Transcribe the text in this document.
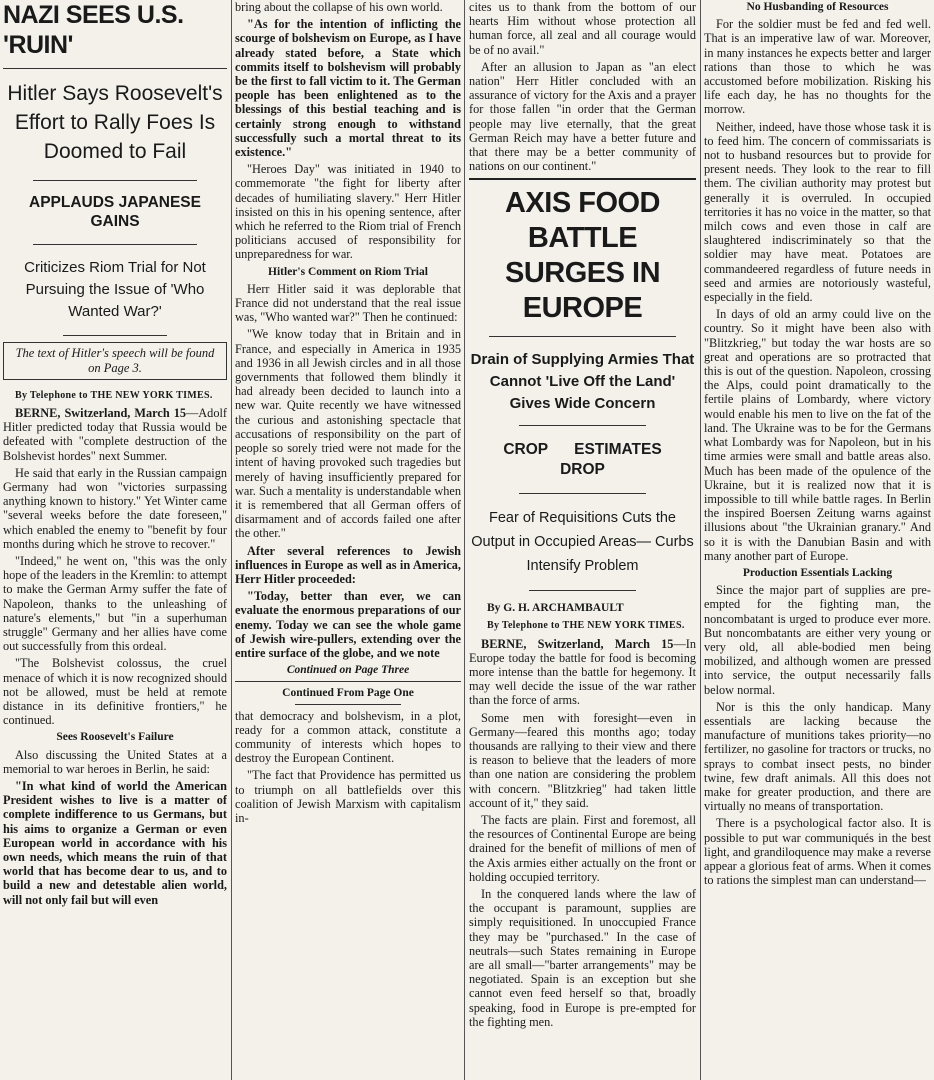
NAZI SEES U.S. 'RUIN'
Hitler Says Roosevelt's Effort to Rally Foes Is Doomed to Fail
APPLAUDS JAPANESE GAINS
Criticizes Riom Trial for Not Pursuing the Issue of 'Who Wanted War?'
The text of Hitler's speech will be found on Page 3.

By Telephone to THE NEW YORK TIMES.

BERNE, Switzerland, March 15—Adolf Hitler predicted today that Russia would be defeated with "complete destruction of the Bolshevist hordes" next Summer.

He said that early in the Russian campaign Germany had won "victories surpassing anything known to history." Yet Winter came "several weeks before the date foreseen," which enabled the enemy to "benefit by four months during which he strove to recover."

"Indeed," he went on, "this was the only hope of the leaders in the Kremlin: to attempt to make the German Army suffer the fate of Napoleon, thanks to the unleashing of nature's elements," but "in a superhuman struggle" Germany and her allies have come out successfully from this ordeal.

"The Bolshevist colossus, the cruel menace of which it is now recognized should not be allowed, must be held at remote distance in its definitive frontiers," he continued.

Sees Roosevelt's Failure

Also discussing the United States at a memorial to war heroes in Berlin, he said:

"In what kind of world the American President wishes to live is a matter of complete indifference to us Germans, but his aims to organize a German or even European world in accordance with his own needs, which means the ruin of that world that has become dear to us, and to build a new and detestable alien world, will not only fail but will even

bring about the collapse of his own world.

"As for the intention of inflicting the scourge of bolshevism on Europe, as I have already stated before, a State which commits itself to bolshevism will probably be the first to fall victim to it. The German people has been enlightened as to the blessings of this bestial teaching and is certainly strong enough to withstand successfully such a mortal threat to its existence."

"Heroes Day" was initiated in 1940 to commemorate "the fight for liberty after decades of humiliating slavery." Herr Hitler insisted on this in his opening sentence, after which he referred to the Riom trial of French politicians accused of responsibility for unpreparedness for war.

Hitler's Comment on Riom Trial

Herr Hitler said it was deplorable that France did not understand that the real issue was, "Who wanted war?" Then he continued:

"We know today that in Britain and in France, and especially in America in 1935 and 1936 in all Jewish circles and in all those governments that followed them blindly it had already been decided to launch into a new war. Quite recently we have witnessed the curious and astonishing spectacle that accusations of responsibility on the part of people so sorely tried were not made for the intent of having provoked such tragedies but merely of having insufficiently prepared for war. Such a mentality is understandable when it is remembered that all German offers of disarmament and of accords failed one after the other."

After several references to Jewish influences in Europe as well as in America, Herr Hitler proceeded:

"Today, better than ever, we can evaluate the enormous preparations of our enemy. Today we can see the whole game of Jewish wire-pullers, extending over the entire surface of the globe, and we note

Continued on Page Three

Continued From Page One

that democracy and bolshevism, in a plot, ready for a common attack, constitute a community of interests which hopes to destroy the European Continent.

"The fact that Providence has permitted us to triumph on all battlefields over this coalition of Jewish Marxism with capitalism in-

cites us to thank from the bottom of our hearts Him without whose protection all human force, all zeal and all courage would be of no avail."

After an allusion to Japan as "an elect nation" Herr Hitler concluded with an assurance of victory for the Axis and a prayer for those fallen "in order that the German people may live eternally, that the great German Reich may have a better future and that there may be a better community of nations on our continent."

AXIS FOOD BATTLE SURGES IN EUROPE
Drain of Supplying Armies That Cannot 'Live Off the Land' Gives Wide Concern
CROP ESTIMATES DROP
Fear of Requisitions Cuts the Output in Occupied Areas— Curbs Intensify Problem

By G. H. ARCHAMBAULT

By Telephone to THE NEW YORK TIMES.

BERNE, Switzerland, March 15—In Europe today the battle for food is becoming more intense than the battle for hegemony. It may well decide the issue of the war rather than the force of arms.

Some men with foresight—even in Germany—feared this months ago; today thousands are rallying to their view and there is reason to believe that the leaders of more than one nation are considering the problem with concern. "Blitzkrieg" had taken little account of it," they said.

The facts are plain. First and foremost, all the resources of Continental Europe are being drained for the benefit of millions of men of the Axis armies either actually on the front or holding occupied territory.

In the conquered lands where the law of the occupant is paramount, supplies are simply requisitioned. In unoccupied France they may be "purchased." In the case of neutrals—such States remaining in Europe are all small—"barter arrangements" may be negotiated. Spain is an exception but she cannot even feed herself so that, broadly speaking, food in Europe is pre-empted for the fighting men.

No Husbanding of Resources

For the soldier must be fed and fed well. That is an imperative law of war. Moreover, in many instances he expects better and larger rations than those to which he was accustomed before mobilization. Risking his life each day, he has no thoughts for the morrow.

Neither, indeed, have those whose task it is to feed him. The concern of commissariats is not to husband resources but to provide for present needs. They look to the rear to fill them. The civilian authority may protest but generally it is overruled. In occupied territories it has no voice in the matter, so that milch cows and even those in calf are slaughtered indiscriminately so that the soldier may have meat. Potatoes are commandeered regardless of future needs in seed and armies are notoriously wasteful, especially in the field.

In days of old an army could live on the country. So it might have been also with "Blitzkrieg," but today the war hosts are so great and operations are so protracted that this is out of the question. Napoleon, crossing the Alps, could point dramatically to the fertile plains of Lombardy, where victory would enable his men to live on the fat of the land. The Ukraine was to be for the Germans what Lombardy was for Napoleon, but in his time armies were small and battle areas also. Much has been made of the opulence of the Ukraine, but it is realized now that it is impossible to till while battle rages. In Berlin the inspired Boersen Zeitung warns against illusions about "the Ukrainian granary." And so it is with the Danubian Basin and with many another part of Europe.

Production Essentials Lacking

Since the major part of supplies are pre-empted for the fighting man, the noncombatant is urged to produce ever more. But noncombatants are either very young or very old, all able-bodied men being mobilized, and although women are pressed into service, the output necessarily falls below normal.

Nor is this the only handicap. Many essentials are lacking because the manufacture of munitions takes priority—no fertilizer, no gasoline for tractors or trucks, no sprays to combat insect pests, no binder twine, few draft animals. All this does not make for greater production, and there are virtually no means of transportation.

There is a psychological factor also. It is possible to put war communiqués in the best light, and grandiloquence may make a reverse appear a glorious feat of arms. When it comes to rations the simplest man can understand—
